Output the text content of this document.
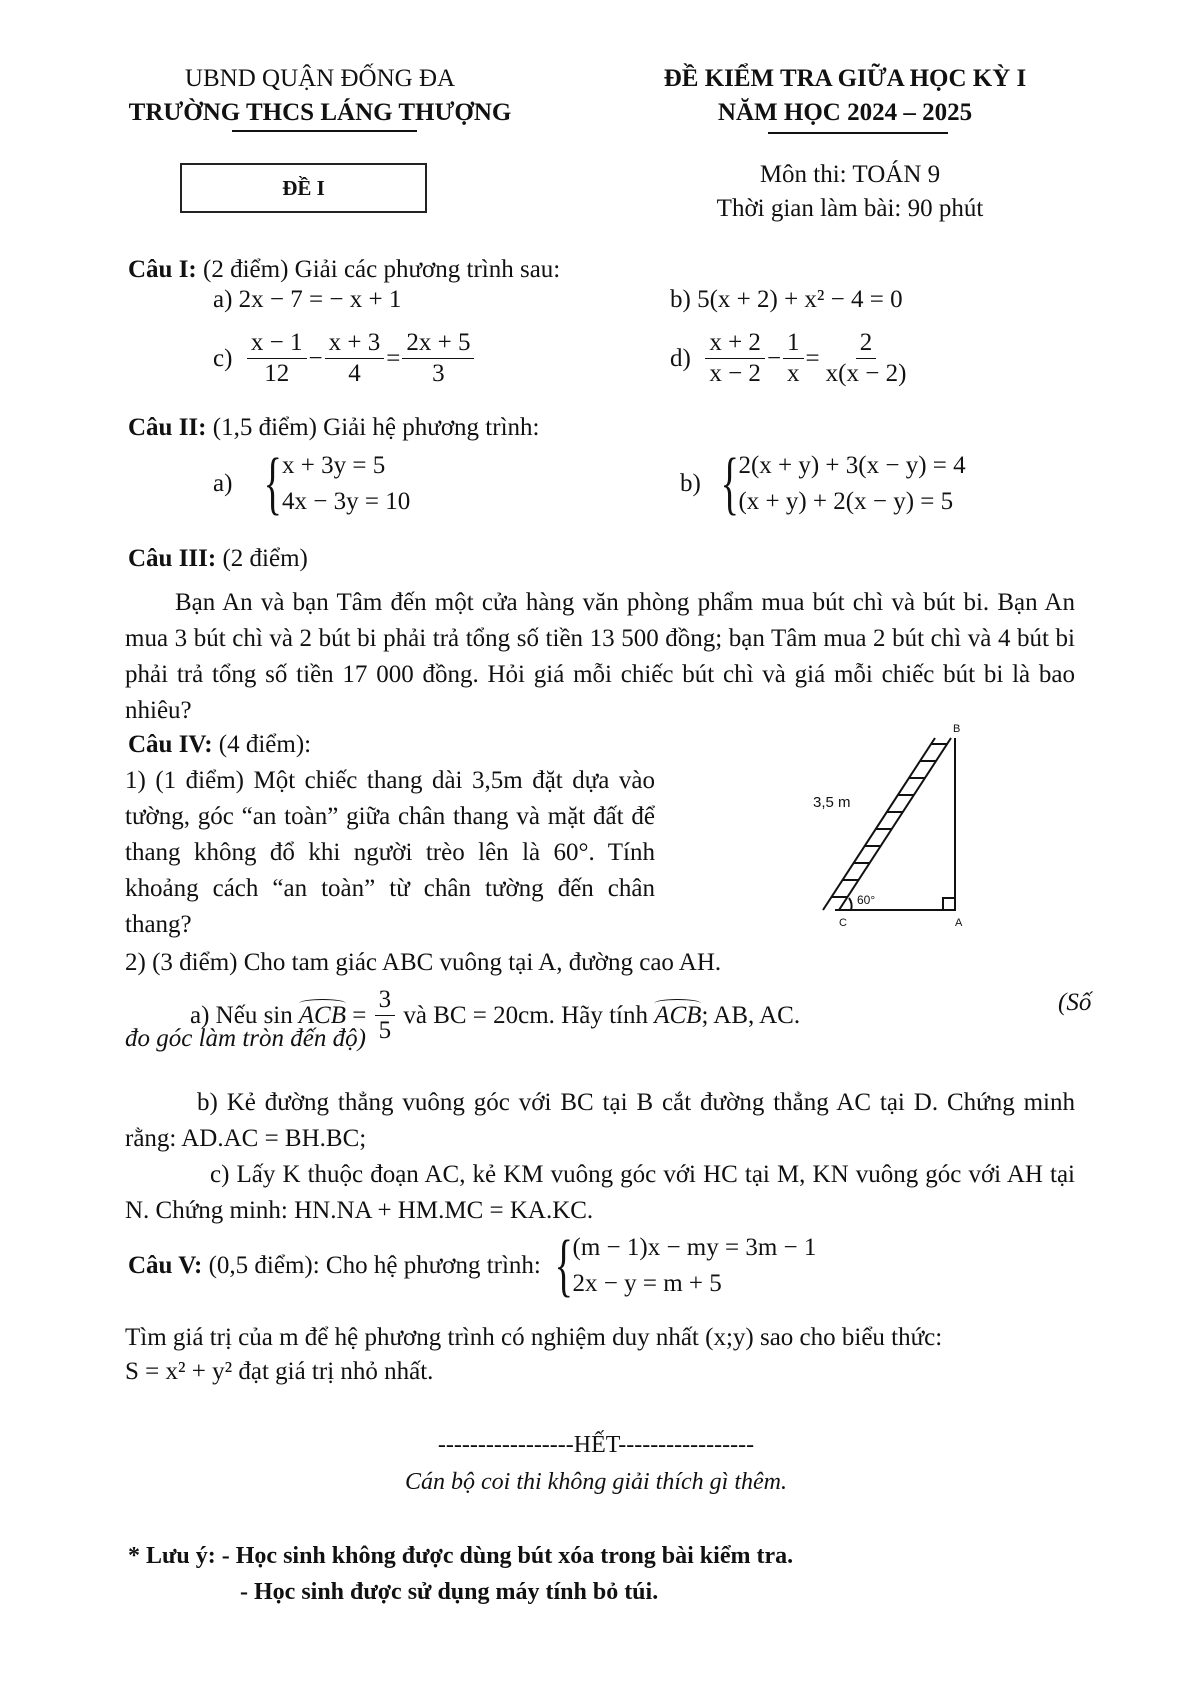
UBND QUẬN ĐỐNG ĐA
TRƯỜNG THCS LÁNG THƯỢNG
ĐỀ KIỂM TRA GIỮA HỌC KỲ I
NĂM HỌC 2024 – 2025
ĐỀ I	Môn thi: TOÁN 9
Thời gian làm bài: 90 phút
Câu I: (2 điểm) Giải các phương trình sau:
a)
2x − 7 = − x + 1	b)
5(x + 2) + x² − 4 = 0
c)
$\frac{x - 1}{12} - \frac{x + 3}{4} = \frac{2x + 5}{3}$	d)
$\frac{x + 2}{x - 2} - \frac{1}{x} = \frac{2}{x(x - 2)}$
Câu II: (1,5 điểm) Giải hệ phương trình:
a) { x + 3y = 5
4x − 3y = 10
b) { 2(x + y) + 3(x − y) = 4
(x + y) + 2(x − y) = 5
Câu III: (2 điểm)
Bạn An và bạn Tâm đến một cửa hàng văn phòng phẩm mua bút chì và bút bi. Bạn An mua 3 bút chì và 2 bút bi phải trả tổng số tiền 13 500 đồng; bạn Tâm mua 2 bút chì và 4 bút bi phải trả tổng số tiền 17 000 đồng. Hỏi giá mỗi chiếc bút chì và giá mỗi chiếc bút bi là bao nhiêu?
Câu IV: (4 điểm):
1) (1 điểm) Một chiếc thang dài 3,5m đặt dựa vào tường, góc “an toàn” giữa chân thang và mặt đất để thang không đổ khi người trèo lên là 60°. Tính khoảng cách “an toàn” từ chân tường đến chân thang?
B
A
C
3,5 m
60°
2) (3 điểm) Cho tam giác ABC vuông tại A, đường cao AH.
a) Nếu sin ACB = $\frac{3}{5}$ và BC = 20cm. Hãy tính ACB ; AB, AC.	(Số đo góc làm tròn đến độ)
b) Kẻ đường thẳng vuông góc với BC tại B cắt đường thẳng AC tại D. Chứng minh rằng: AD.AC = BH.BC;
c) Lấy K thuộc đoạn AC, kẻ KM vuông góc với HC tại M, KN vuông góc với AH tại N. Chứng minh: HN.NA + HM.MC = KA.KC.
Câu V: (0,5 điểm): Cho hệ phương trình: { (m − 1)x − my = 3m − 1
2x − y = m + 5
Tìm giá trị của m để hệ phương trình có nghiệm duy nhất (x;y) sao cho biểu thức:
S = x² + y² đạt giá trị nhỏ nhất.
-----------------HẾT-----------------
Cán bộ coi thi không giải thích gì thêm.
* Lưu ý: - Học sinh không được dùng bút xóa trong bài kiểm tra.
- Học sinh được sử dụng máy tính bỏ túi.
